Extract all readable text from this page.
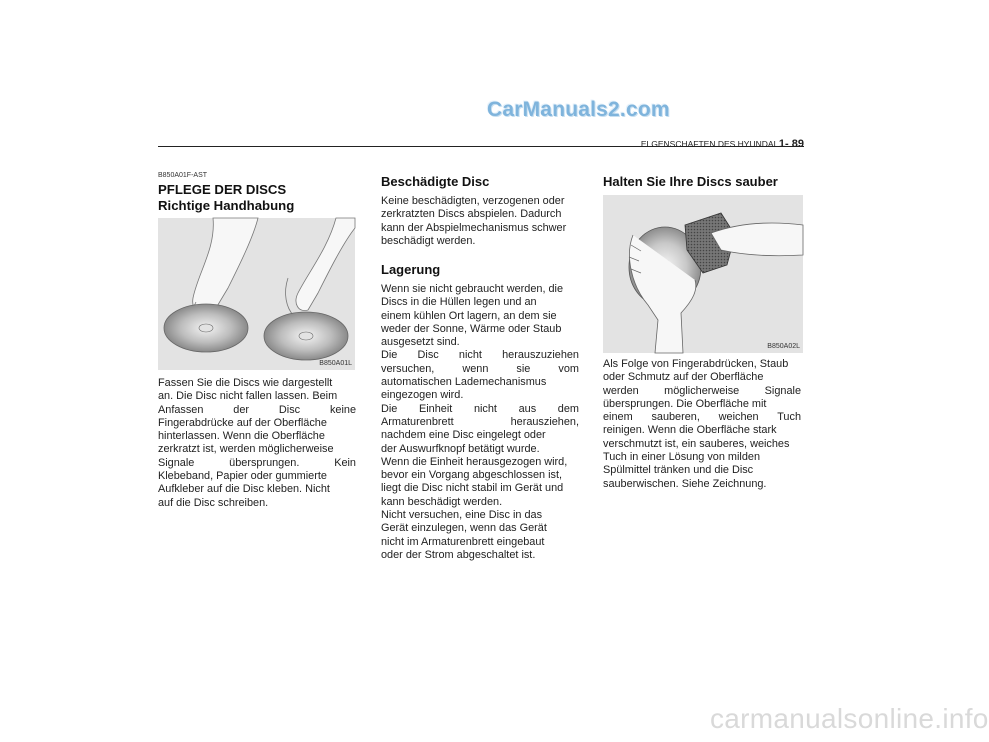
CarManuals2.com
ELGENSCHAFTEN DES HYUNDAI 1- 89
B850A01F-AST
PFLEGE DER DISCS
Richtige Handhabung
B850A01L
Fassen Sie die Discs wie dargestellt
an. Die Disc nicht fallen lassen. Beim
Anfassen der Disc keine
Fingerabdrücke auf der Oberfläche
hinterlassen. Wenn die Oberfläche
zerkratzt ist, werden möglicherweise
Signale übersprungen. Kein
Klebeband, Papier oder gummierte
Aufkleber auf die Disc kleben. Nicht
auf die Disc schreiben.
Beschädigte Disc
Keine beschädigten, verzogenen oder
zerkratzten Discs abspielen. Dadurch
kann der Abspielmechanismus schwer
beschädigt werden.
Lagerung
Wenn sie nicht gebraucht werden, die
Discs in die Hüllen legen und an
einem kühlen Ort lagern, an dem sie
weder der Sonne, Wärme oder Staub
ausgesetzt sind.
Die Disc nicht herauszuziehen
versuchen, wenn sie vom
automatischen Lademechanismus
eingezogen wird.
Die Einheit nicht aus dem
Armaturenbrett herausziehen,
nachdem eine Disc eingelegt oder
der Auswurfknopf betätigt wurde.
Wenn die Einheit herausgezogen wird,
bevor ein Vorgang abgeschlossen ist,
liegt die Disc nicht stabil im Gerät und
kann beschädigt werden.
Nicht versuchen, eine Disc in das
Gerät einzulegen, wenn das Gerät
nicht im Armaturenbrett eingebaut
oder der Strom abgeschaltet ist.
Halten Sie Ihre Discs sauber
B850A02L
Als Folge von Fingerabdrücken, Staub
oder Schmutz auf der Oberfläche
werden möglicherweise Signale
übersprungen. Die Oberfläche mit
einem sauberen, weichen Tuch
reinigen. Wenn die Oberfläche stark
verschmutzt ist, ein sauberes, weiches
Tuch in einer Lösung von milden
Spülmittel tränken und die Disc
sauberwischen. Siehe Zeichnung.
carmanualsonline.info
